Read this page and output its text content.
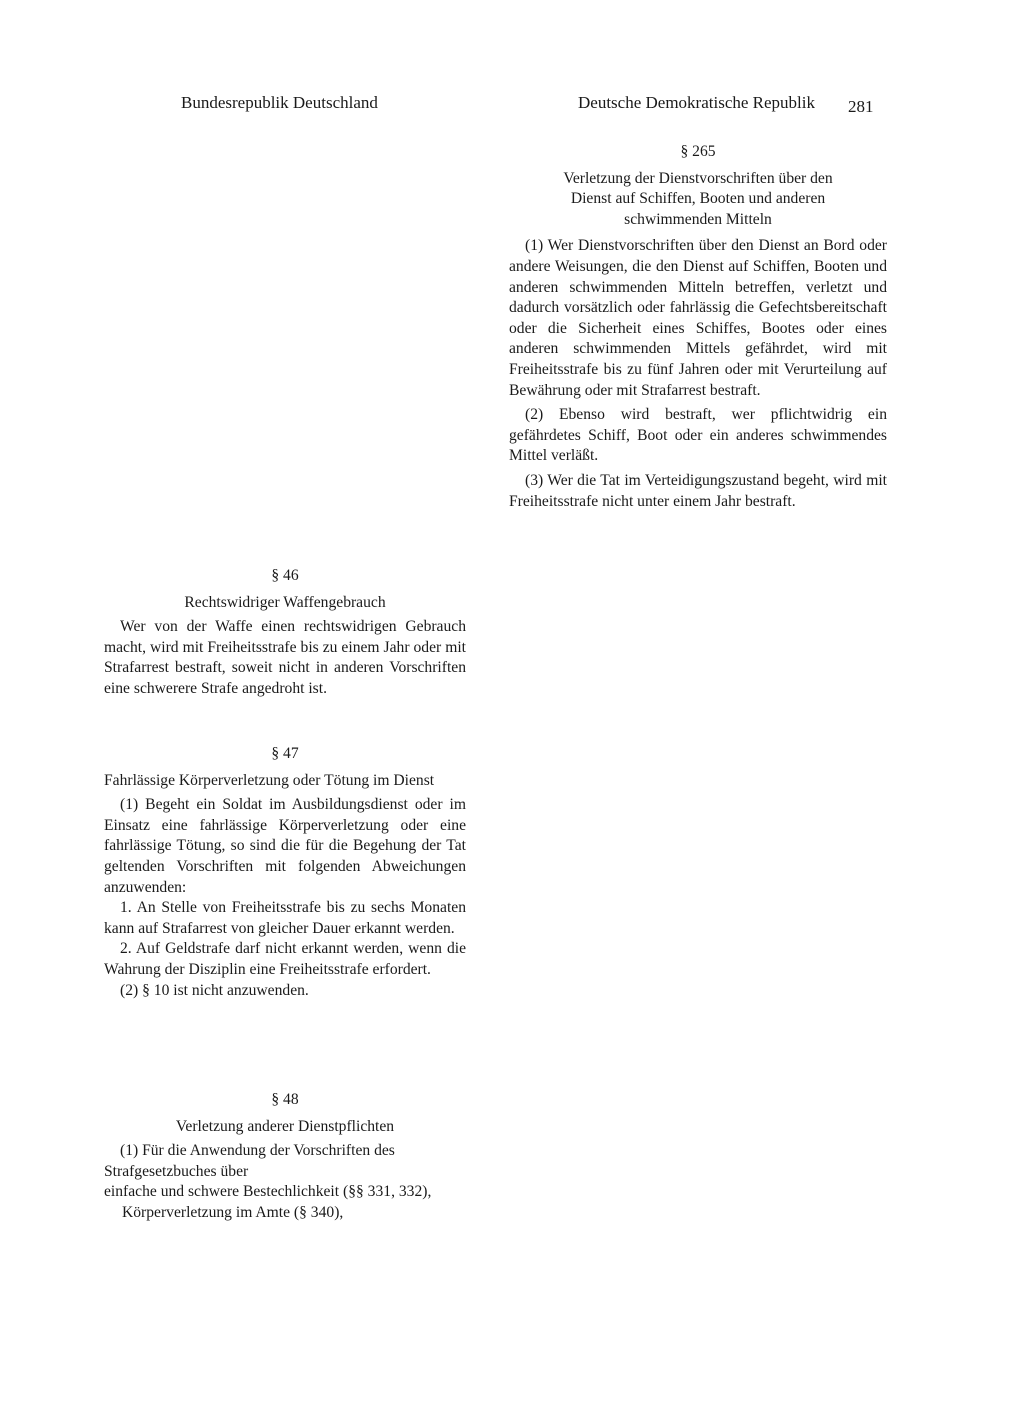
Bundesrepublik Deutschland	Deutsche Demokratische Republik 281

§ 265

Verletzung der Dienstvorschriften über den

Dienst auf Schiffen, Booten und anderen

schwimmenden Mitteln

(1) Wer Dienstvorschriften über den Dienst an Bord oder andere Weisungen, die den Dienst auf Schiffen, Booten und anderen schwimmenden Mitteln betreffen, verletzt und dadurch vorsätzlich oder fahrlässig die Gefechtsbereitschaft oder die Sicherheit eines Schiffes, Bootes oder eines anderen schwimmenden Mittels gefährdet, wird mit Freiheitsstrafe bis zu fünf Jahren oder mit Verurteilung auf Bewährung oder mit Strafarrest bestraft.

(2) Ebenso wird bestraft, wer pflichtwidrig ein gefährdetes Schiff, Boot oder ein anderes schwimmendes Mittel verläßt.

(3) Wer die Tat im Verteidigungszustand begeht, wird mit Freiheitsstrafe nicht unter einem Jahr bestraft.

§ 46

Rechtswidriger Waffengebrauch

Wer von der Waffe einen rechtswidrigen Gebrauch macht, wird mit Freiheitsstrafe bis zu einem Jahr oder mit Strafarrest bestraft, soweit nicht in anderen Vorschriften eine schwerere Strafe angedroht ist.

§ 47

Fahrlässige Körperverletzung oder Tötung im Dienst

(1) Begeht ein Soldat im Ausbildungsdienst oder im Einsatz eine fahrlässige Körperverletzung oder eine fahrlässige Tötung, so sind die für die Begehung der Tat geltenden Vorschriften mit folgenden Abweichungen anzuwenden:

1. An Stelle von Freiheitsstrafe bis zu sechs Monaten kann auf Strafarrest von gleicher Dauer erkannt werden.

2. Auf Geldstrafe darf nicht erkannt werden, wenn die Wahrung der Disziplin eine Freiheitsstrafe erfordert.

(2) § 10 ist nicht anzuwenden.

§ 48

Verletzung anderer Dienstpflichten

(1) Für die Anwendung der Vorschriften des Strafgesetzbuches über

einfache und schwere Bestechlichkeit (§§ 331, 332),

Körperverletzung im Amte (§ 340),
